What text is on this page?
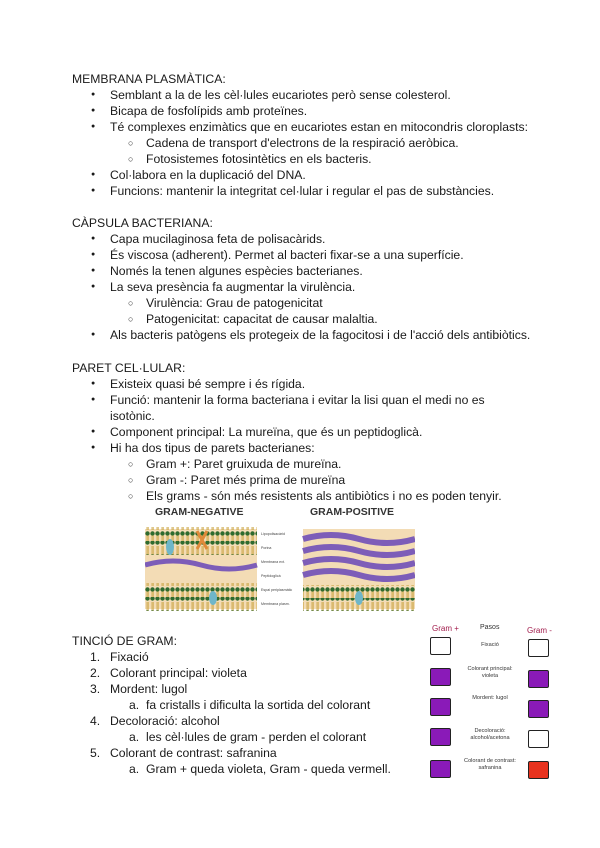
MEMBRANA PLASMÀTICA:
● Semblant a la de les cèl·lules eucariotes però sense colesterol.
● Bicapa de fosfolípids amb proteïnes.
● Té complexes enzimàtics que en eucariotes estan en mitocondris cloroplasts:
○ Cadena de transport d'electrons de la respiració aeròbica.
○ Fotosistemes fotosintètics en els bacteris.
● Col·labora en la duplicació del DNA.
● Funcions: mantenir la integritat cel·lular i regular el pas de substàncies.
CÀPSULA BACTERIANA:
● Capa mucilaginosa feta de polisacàrids.
● És viscosa (adherent). Permet al bacteri fixar-se a una superfície.
● Només la tenen algunes espècies bacterianes.
● La seva presència fa augmentar la virulència.
○ Virulència: Grau de patogenicitat
○ Patogenicitat: capacitat de causar malaltia.
● Als bacteris patògens els protegeix de la fagocitosi i de l'acció dels antibiòtics.
PARET CEL·LULAR:
● Existeix quasi bé sempre i és rígida.
● Funció: mantenir la forma bacteriana i evitar la lisi quan el medi no es isotònic.
● Component principal: La mureïna, que és un peptidoglicà.
● Hi ha dos tipus de parets bacterianes:
○ Gram +: Paret gruixuda de mureïna.
○ Gram -: Paret més prima de mureïna
○ Els grams - són més resistents als antibiòtics i no es poden tenyir.
GRAM-NEGATIVE	GRAM-POSITIVE
Lipopolisacàrid
Porina
Membrana ext.
Peptidoglicà
Espai periplasmàtic
Membrana plasm.
TINCIÓ DE GRAM:
1. Fixació
2. Colorant principal: violeta
3. Mordent: lugol
a. fa cristalls i dificulta la sortida del colorant
4. Decoloració: alcohol
a. les cèl·lules de gram - perden el colorant
5. Colorant de contrast: safranina
a. Gram + queda violeta, Gram - queda vermell.
Gram +	Pasos	Gram -
Fixació
Colorant principal: violeta
Mordent: lugol
Decoloració: alcohol/acetona
Colorant de contrast: safranina
